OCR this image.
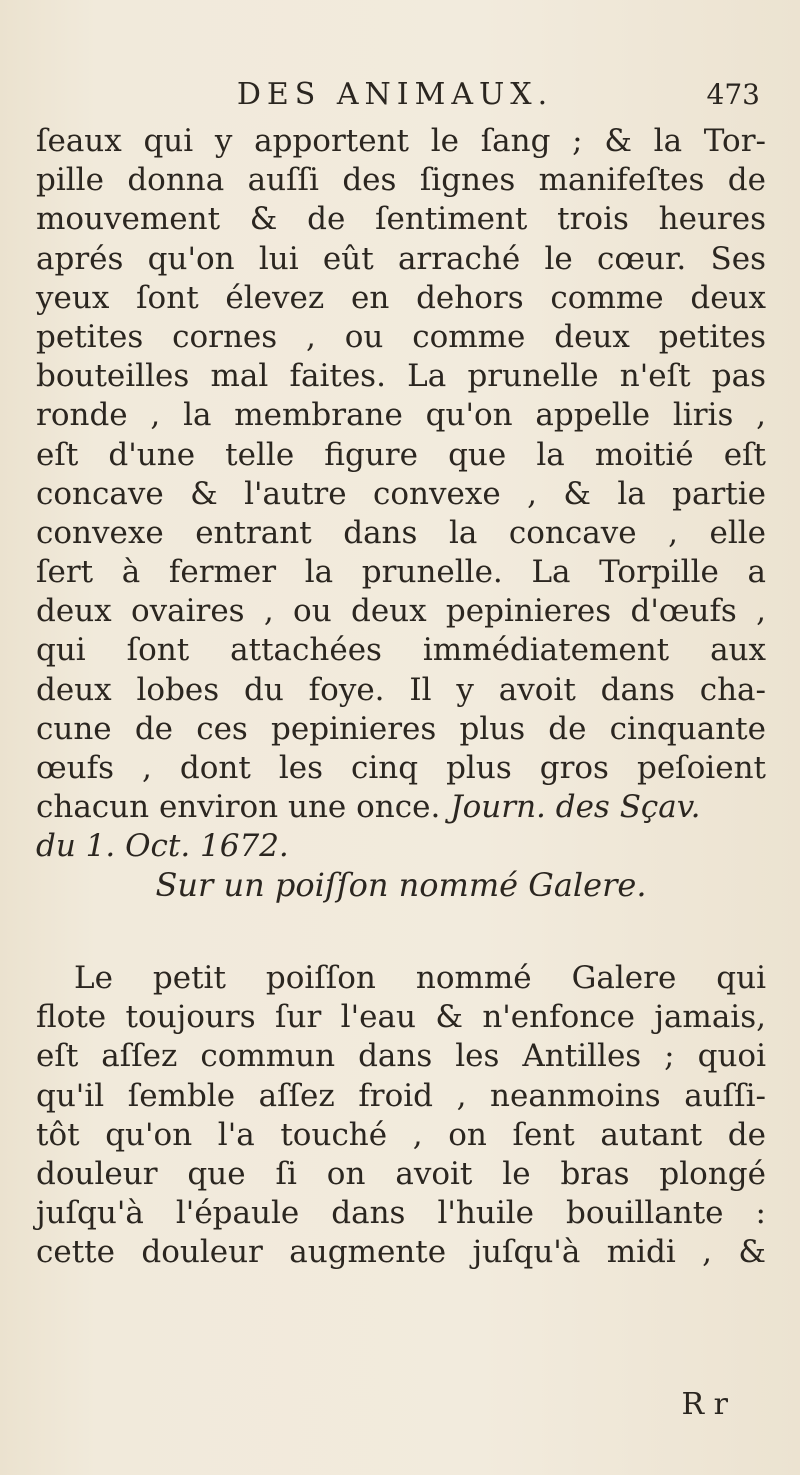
DES ANIMAUX.	473
ſeaux qui y apportent le ſang ; & la Tor-
pille donna auſſi des ſignes manifeſtes de
mouvement & de ſentiment trois heures
aprés qu'on lui eût arraché le cœur. Ses
yeux ſont élevez en dehors comme deux
petites cornes , ou comme deux petites
bouteilles mal faites. La prunelle n'eſt pas
ronde , la membrane qu'on appelle liris ,
eſt d'une telle figure que la moitié eſt
concave & l'autre convexe , & la partie
convexe entrant dans la concave , elle
ſert à fermer la prunelle. La Torpille a
deux ovaires , ou deux pepinieres d'œufs ,
qui ſont attachées immédiatement aux
deux lobes du foye. Il y avoit dans cha-
cune de ces pepinieres plus de cinquante
œufs , dont les cinq plus gros peſoient
chacun environ une once. Journ. des Sçav.
du 1. Oct. 1672.
Sur un poiſſon nommé Galere.
Le petit poiſſon nommé Galere qui
flote toujours ſur l'eau & n'enfonce jamais,
eſt aſſez commun dans les Antilles ; quoi
qu'il ſemble aſſez froid , neanmoins auſſi-
tôt qu'on l'a touché , on ſent autant de
douleur que ſi on avoit le bras plongé
juſqu'à l'épaule dans l'huile bouillante :
cette douleur augmente juſqu'à midi , &
R r
